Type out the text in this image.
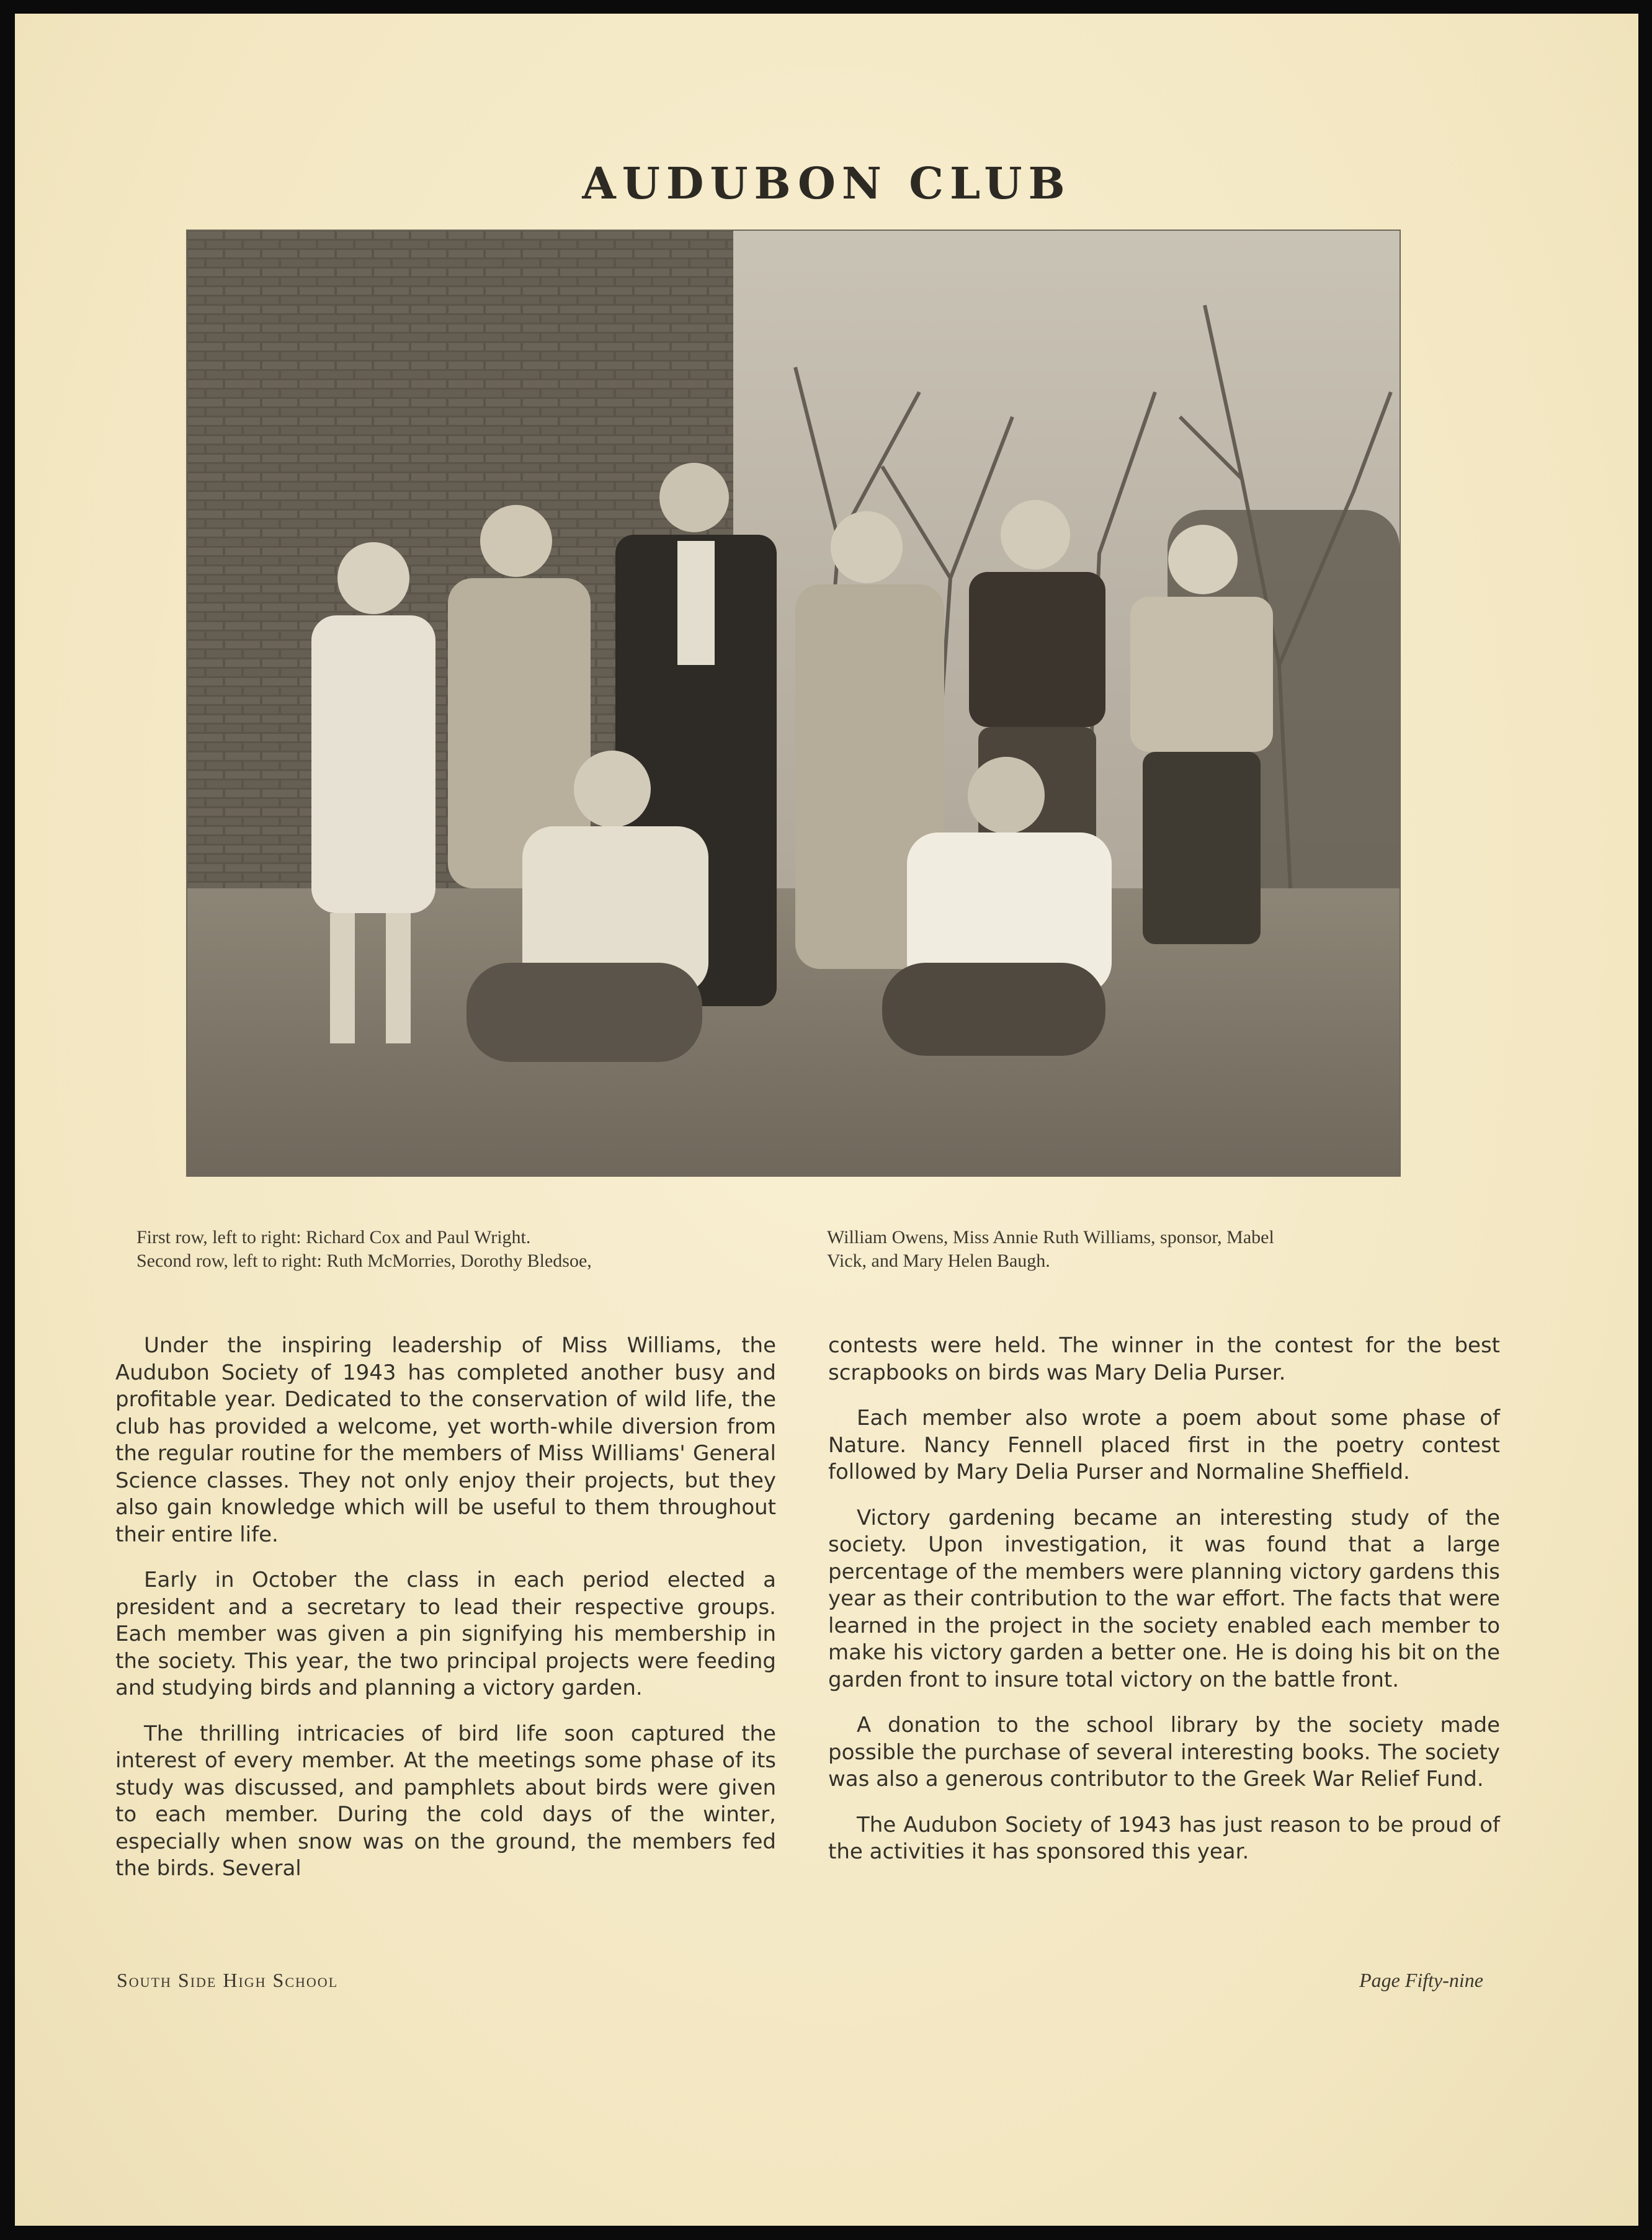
AUDUBON CLUB

First row, left to right: Richard Cox and Paul Wright.
Second row, left to right: Ruth McMorries, Dorothy Bledsoe,

William Owens, Miss Annie Ruth Williams, sponsor, Mabel
Vick, and Mary Helen Baugh.

Under the inspiring leadership of Miss Williams, the Audubon Society of 1943 has completed another busy and profitable year. Dedicated to the conservation of wild life, the club has provided a welcome, yet worth-while diversion from the regular routine for the members of Miss Williams' General Science classes. They not only enjoy their projects, but they also gain knowledge which will be useful to them throughout their entire life.

Early in October the class in each period elected a president and a secretary to lead their respective groups. Each member was given a pin signifying his membership in the society. This year, the two principal projects were feeding and studying birds and planning a victory garden.

The thrilling intricacies of bird life soon captured the interest of every member. At the meetings some phase of its study was discussed, and pamphlets about birds were given to each member. During the cold days of the winter, especially when snow was on the ground, the members fed the birds. Several

contests were held. The winner in the contest for the best scrapbooks on birds was Mary Delia Purser.

Each member also wrote a poem about some phase of Nature. Nancy Fennell placed first in the poetry contest followed by Mary Delia Purser and Normaline Sheffield.

Victory gardening became an interesting study of the society. Upon investigation, it was found that a large percentage of the members were planning victory gardens this year as their contribution to the war effort. The facts that were learned in the project in the society enabled each member to make his victory garden a better one. He is doing his bit on the garden front to insure total victory on the battle front.

A donation to the school library by the society made possible the purchase of several interesting books. The society was also a generous contributor to the Greek War Relief Fund.

The Audubon Society of 1943 has just reason to be proud of the activities it has sponsored this year.

South Side High School	Page Fifty-nine
